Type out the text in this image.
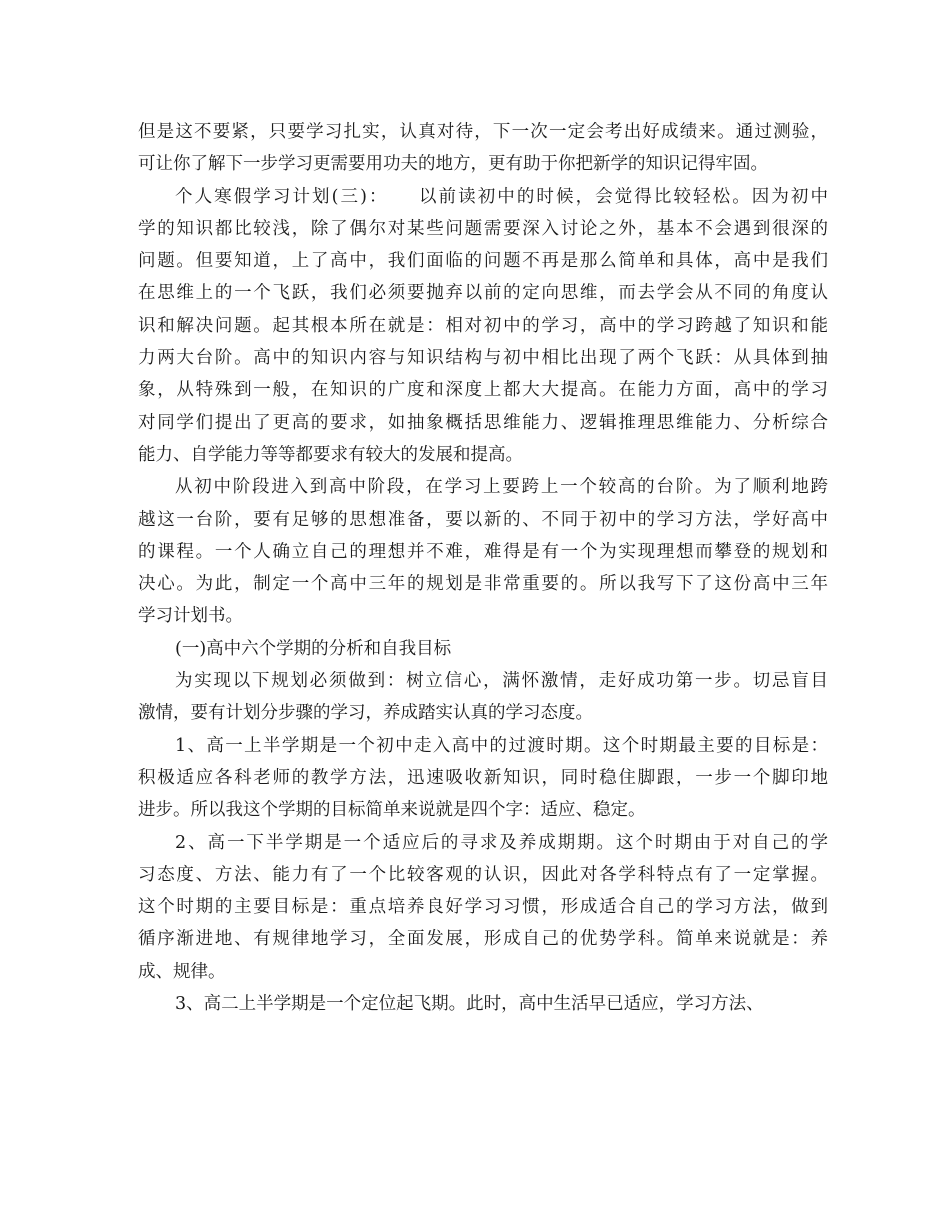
但是这不要紧，只要学习扎实，认真对待，下一次一定会考出好成绩来。通过测验，
可让你了解下一步学习更需要用功夫的地方，更有助于你把新学的知识记得牢固。
个人寒假学习计划(三)：　　以前读初中的时候，会觉得比较轻松。因为初中
学的知识都比较浅，除了偶尔对某些问题需要深入讨论之外，基本不会遇到很深的
问题。但要知道，上了高中，我们面临的问题不再是那么简单和具体，高中是我们
在思维上的一个飞跃，我们必须要抛弃以前的定向思维，而去学会从不同的角度认
识和解决问题。起其根本所在就是：相对初中的学习，高中的学习跨越了知识和能
力两大台阶。高中的知识内容与知识结构与初中相比出现了两个飞跃：从具体到抽
象，从特殊到一般，在知识的广度和深度上都大大提高。在能力方面，高中的学习
对同学们提出了更高的要求，如抽象概括思维能力、逻辑推理思维能力、分析综合
能力、自学能力等等都要求有较大的发展和提高。
从初中阶段进入到高中阶段，在学习上要跨上一个较高的台阶。为了顺利地跨
越这一台阶，要有足够的思想准备，要以新的、不同于初中的学习方法，学好高中
的课程。一个人确立自己的理想并不难，难得是有一个为实现理想而攀登的规划和
决心。为此，制定一个高中三年的规划是非常重要的。所以我写下了这份高中三年
学习计划书。
(一)高中六个学期的分析和自我目标
为实现以下规划必须做到：树立信心，满怀激情，走好成功第一步。切忌盲目
激情，要有计划分步骤的学习，养成踏实认真的学习态度。
1、高一上半学期是一个初中走入高中的过渡时期。这个时期最主要的目标是：
积极适应各科老师的教学方法，迅速吸收新知识，同时稳住脚跟，一步一个脚印地
进步。所以我这个学期的目标简单来说就是四个字：适应、稳定。
2、高一下半学期是一个适应后的寻求及养成期期。这个时期由于对自己的学
习态度、方法、能力有了一个比较客观的认识，因此对各学科特点有了一定掌握。
这个时期的主要目标是：重点培养良好学习习惯，形成适合自己的学习方法，做到
循序渐进地、有规律地学习，全面发展，形成自己的优势学科。简单来说就是：养
成、规律。
3、高二上半学期是一个定位起飞期。此时，高中生活早已适应，学习方法、
